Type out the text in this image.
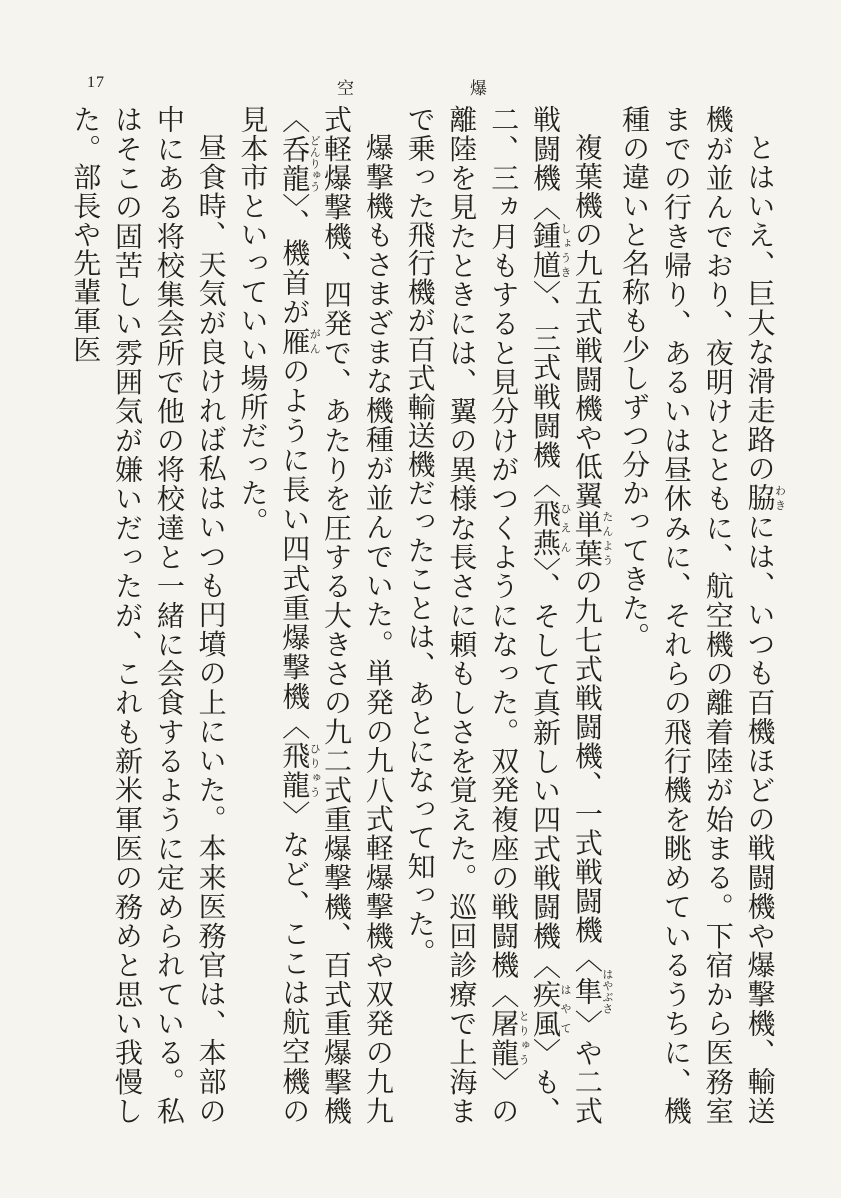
17	空	爆

とはいえ、巨大な滑走路の脇わきには、いつも百機ほどの戦闘機や爆撃機、輸送機が並んでおり、夜明けとともに、航空機の離着陸が始まる。下宿から医務室までの行き帰り、あるいは昼休みに、それらの飛行機を眺めているうちに、機種の違いと名称も少しずつ分かってきた。

複葉機の九五式戦闘機や低翼単葉たんようの九七式戦闘機、一式戦闘機〈隼はやぶさ〉や二式戦闘機〈鍾馗しょうき〉、三式戦闘機〈飛燕ひえん〉、そして真新しい四式戦闘機〈疾風はやて〉も、二、三ヵ月もすると見分けがつくようになった。双発複座の戦闘機〈屠龍とりゅう〉の離陸を見たときには、翼の異様な長さに頼もしさを覚えた。巡回診療で上海まで乗った飛行機が百式輸送機だったことは、あとになって知った。

爆撃機もさまざまな機種が並んでいた。単発の九八式軽爆撃機や双発の九九式軽爆撃機、四発で、あたりを圧する大きさの九二式重爆撃機、百式重爆撃機〈呑龍どんりゅう〉、機首が雁がんのように長い四式重爆撃機〈飛龍ひりゅう〉など、ここは航空機の見本市といっていい場所だった。

昼食時、天気が良ければ私はいつも円墳の上にいた。本来医務官は、本部の中にある将校集会所で他の将校達と一緒に会食するように定められている。私はそこの固苦しい雰囲気が嫌いだったが、これも新米軍医の務めと思い我慢した。部長や先輩軍医
